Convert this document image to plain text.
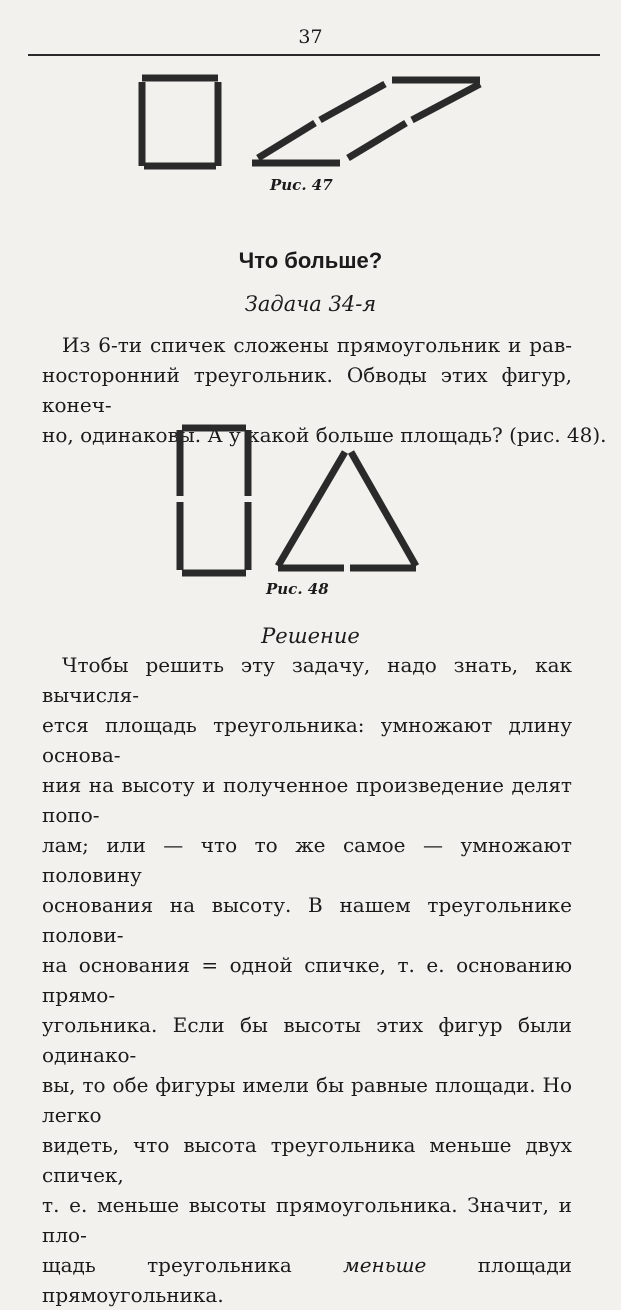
37

Рис. 47
Что больше?
Задача 34-я
Из 6-ти спичек сложены прямоугольник и рав-
носторонний треугольник. Обводы этих фигур, конеч-
но, одинаковы. А у какой больше площадь? (рис. 48).
Рис. 48
Решение
Чтобы решить эту задачу, надо знать, как вычисля-
ется площадь треугольника: умножают длину основа-
ния на высоту и полученное произведение делят попо-
лам; или — что то же самое — умножают половину
основания на высоту. В нашем треугольнике полови-
на основания = одной спичке, т. е. основанию прямо-
угольника. Если бы высоты этих фигур были одинако-
вы, то обе фигуры имели бы равные площади. Но легко
видеть, что высота треугольника меньше двух спичек,
т. е. меньше высоты прямоугольника. Значит, и пло-
щадь треугольника меньше площади прямоугольника.
